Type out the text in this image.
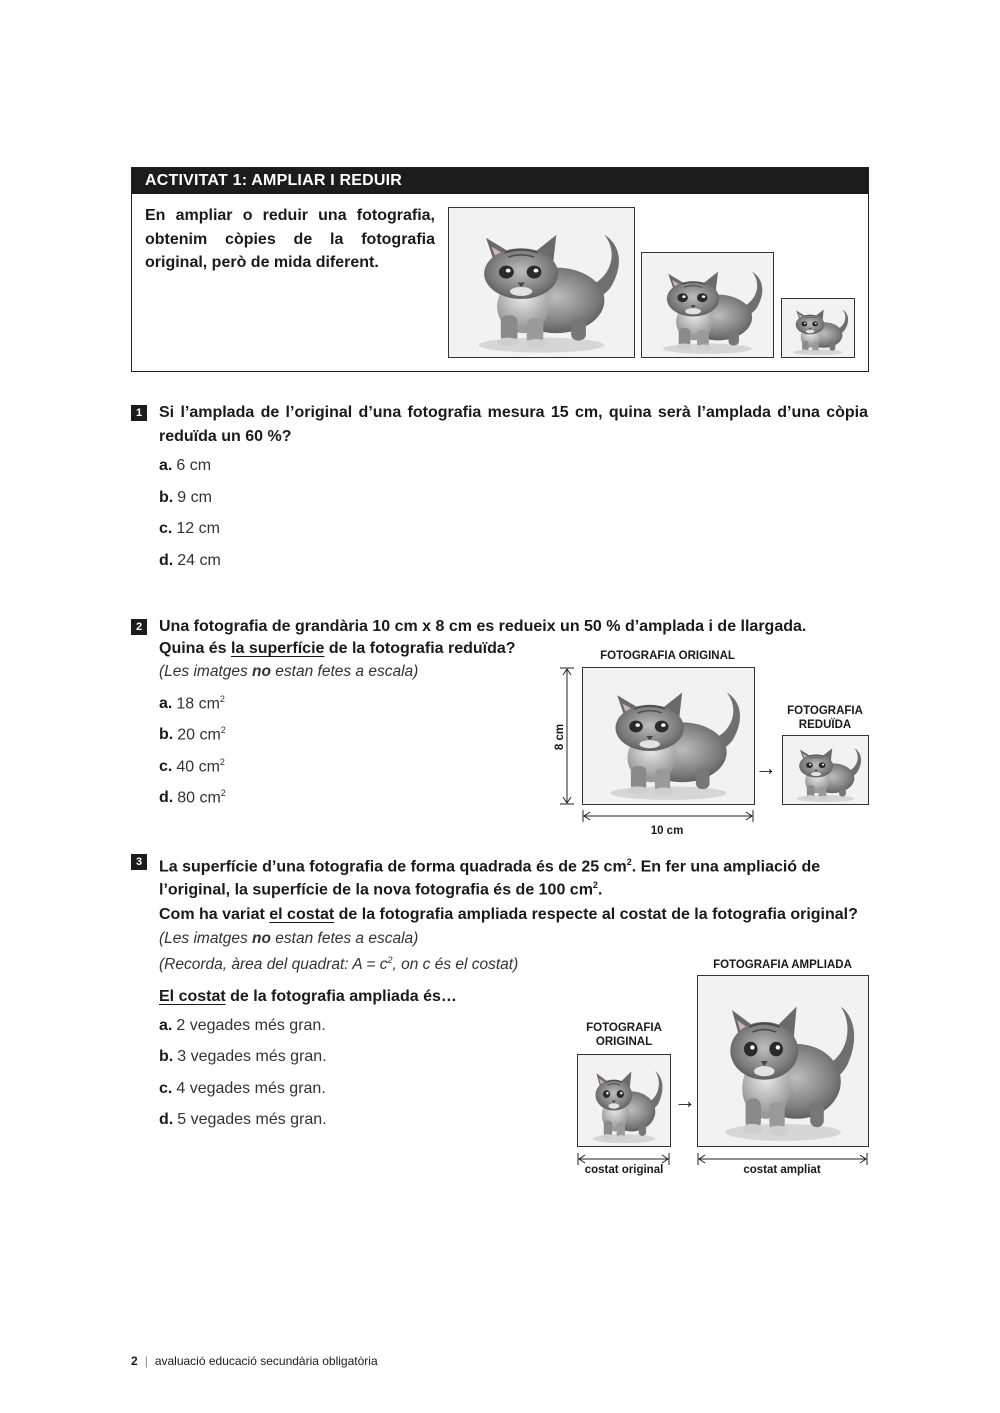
ACTIVITAT 1: AMPLIAR I REDUIR
En ampliar o reduir una fotografia, obtenim còpies de la fotografia original, però de mida diferent.
1	Si l’amplada de l’original d’una fotografia mesura 15 cm, quina serà l’amplada d’una còpia reduïda un 60 %?
a. 6 cm
b. 9 cm
c. 12 cm
d. 24 cm
2	Una fotografia de grandària 10 cm x 8 cm es redueix un 50 % d’amplada i de llargada.
Quina és la superfície de la fotografia reduïda?
(Les imatges no estan fetes a escala)
a. 18 $cm^2$
b. 20 $cm^2$
c. 40 $cm^2$
d. 80 $cm^2$
FOTOGRAFIA ORIGINAL
8 cm
10 cm
→
FOTOGRAFIA REDUÏDA
3	La superfície d’una fotografia de forma quadrada és de 25 $cm^2$. En fer una ampliació de
l’original, la superfície de la nova fotografia és de 100 $cm^2$.
Com ha variat el costat de la fotografia ampliada respecte al costat de la fotografia original?
(Les imatges no estan fetes a escala)
(Recorda, àrea del quadrat: $A = c^2$, on c és el costat)
El costat de la fotografia ampliada és…
a. 2 vegades més gran.
b. 3 vegades més gran.
c. 4 vegades més gran.
d. 5 vegades més gran.
FOTOGRAFIA ORIGINAL
→
FOTOGRAFIA AMPLIADA
costat original	costat ampliat
2 | avaluació educació secundària obligatòria
